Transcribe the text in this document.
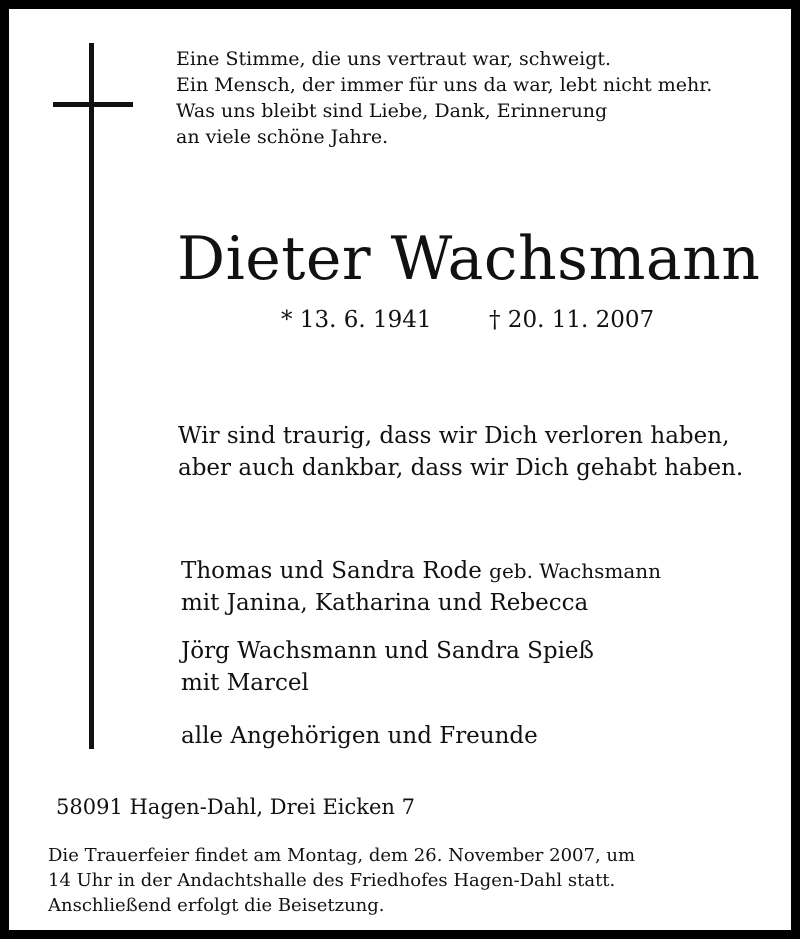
Eine Stimme, die uns vertraut war, schweigt.
Ein Mensch, der immer für uns da war, lebt nicht mehr.
Was uns bleibt sind Liebe, Dank, Erinnerung
an viele schöne Jahre.
Dieter Wachsmann
* 13. 6. 1941	† 20. 11. 2007
Wir sind traurig, dass wir Dich verloren haben,
aber auch dankbar, dass wir Dich gehabt haben.
Thomas und Sandra Rode geb. Wachsmann
mit Janina, Katharina und Rebecca
Jörg Wachsmann und Sandra Spieß
mit Marcel
alle Angehörigen und Freunde
58091 Hagen-Dahl, Drei Eicken 7
Die Trauerfeier findet am Montag, dem 26. November 2007, um
14 Uhr in der Andachtshalle des Friedhofes Hagen-Dahl statt.
Anschließend erfolgt die Beisetzung.
